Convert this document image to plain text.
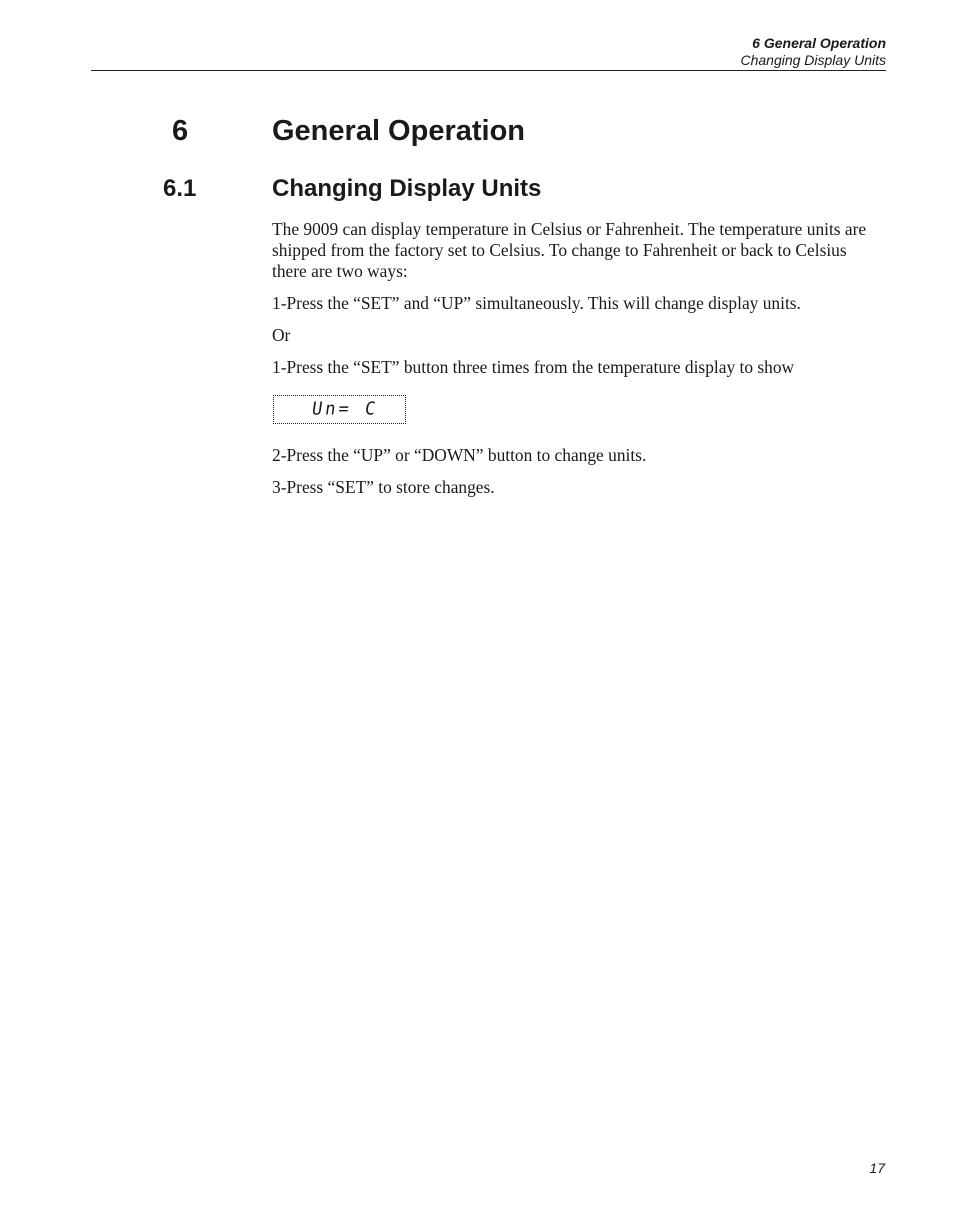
6 General Operation
Changing Display Units
6	General Operation
6.1	Changing Display Units

The 9009 can display temperature in Celsius or Fahrenheit. The temperature units are shipped from the factory set to Celsius. To change to Fahrenheit or back to Celsius there are two ways:

1-Press the “SET” and “UP” simultaneously. This will change display units.

Or

1-Press the “SET” button three times from the temperature display to show

Un= C

2-Press the “UP” or “DOWN” button to change units.

3-Press “SET” to store changes.

17
